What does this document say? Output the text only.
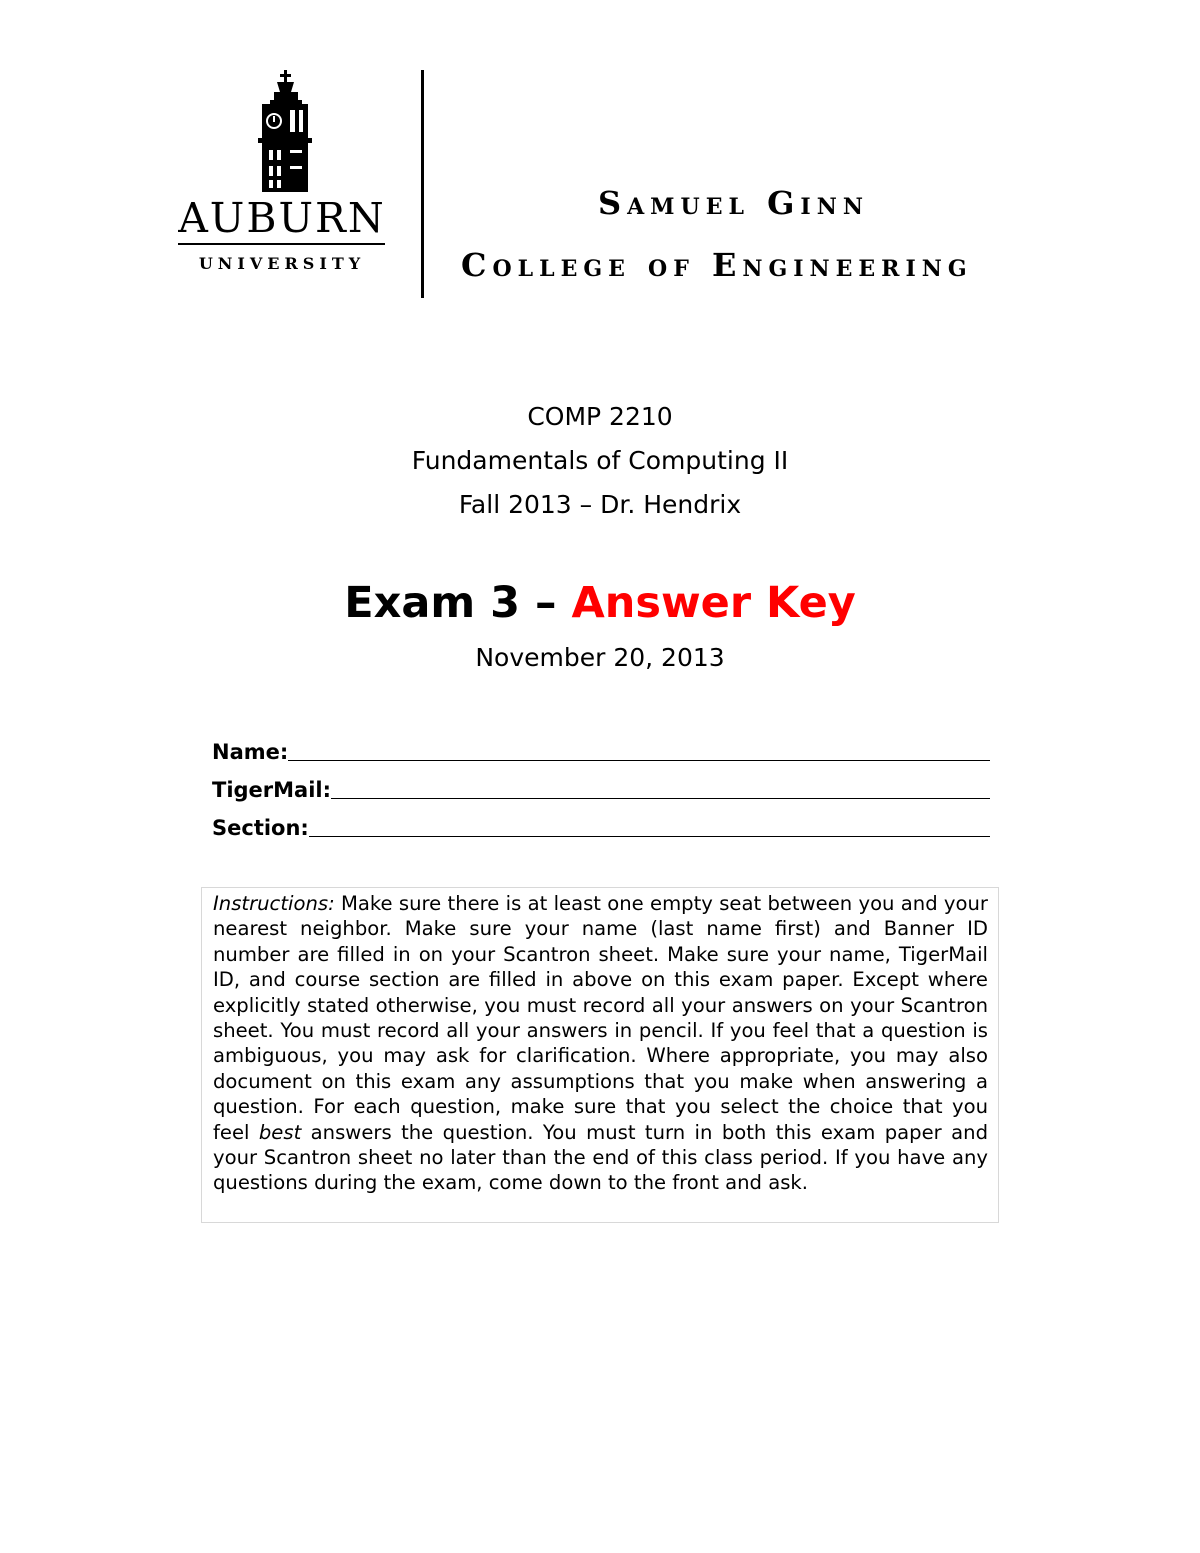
AUBURN
UNIVERSITY
Samuel Ginn
College of Engineering
COMP 2210
Fundamentals of Computing II
Fall 2013 – Dr. Hendrix
Exam 3 – Answer Key
November 20, 2013
Name:
TigerMail:
Section:
Instructions: Make sure there is at least one empty seat between you and your nearest neighbor. Make sure your name (last name first) and Banner ID number are filled in on your Scantron sheet. Make sure your name, TigerMail ID, and course section are filled in above on this exam paper. Except where explicitly stated otherwise, you must record all your answers on your Scantron sheet. You must record all your answers in pencil. If you feel that a question is ambiguous, you may ask for clarification. Where appropriate, you may also document on this exam any assumptions that you make when answering a question. For each question, make sure that you select the choice that you feel best answers the question. You must turn in both this exam paper and your Scantron sheet no later than the end of this class period. If you have any questions during the exam, come down to the front and ask.
